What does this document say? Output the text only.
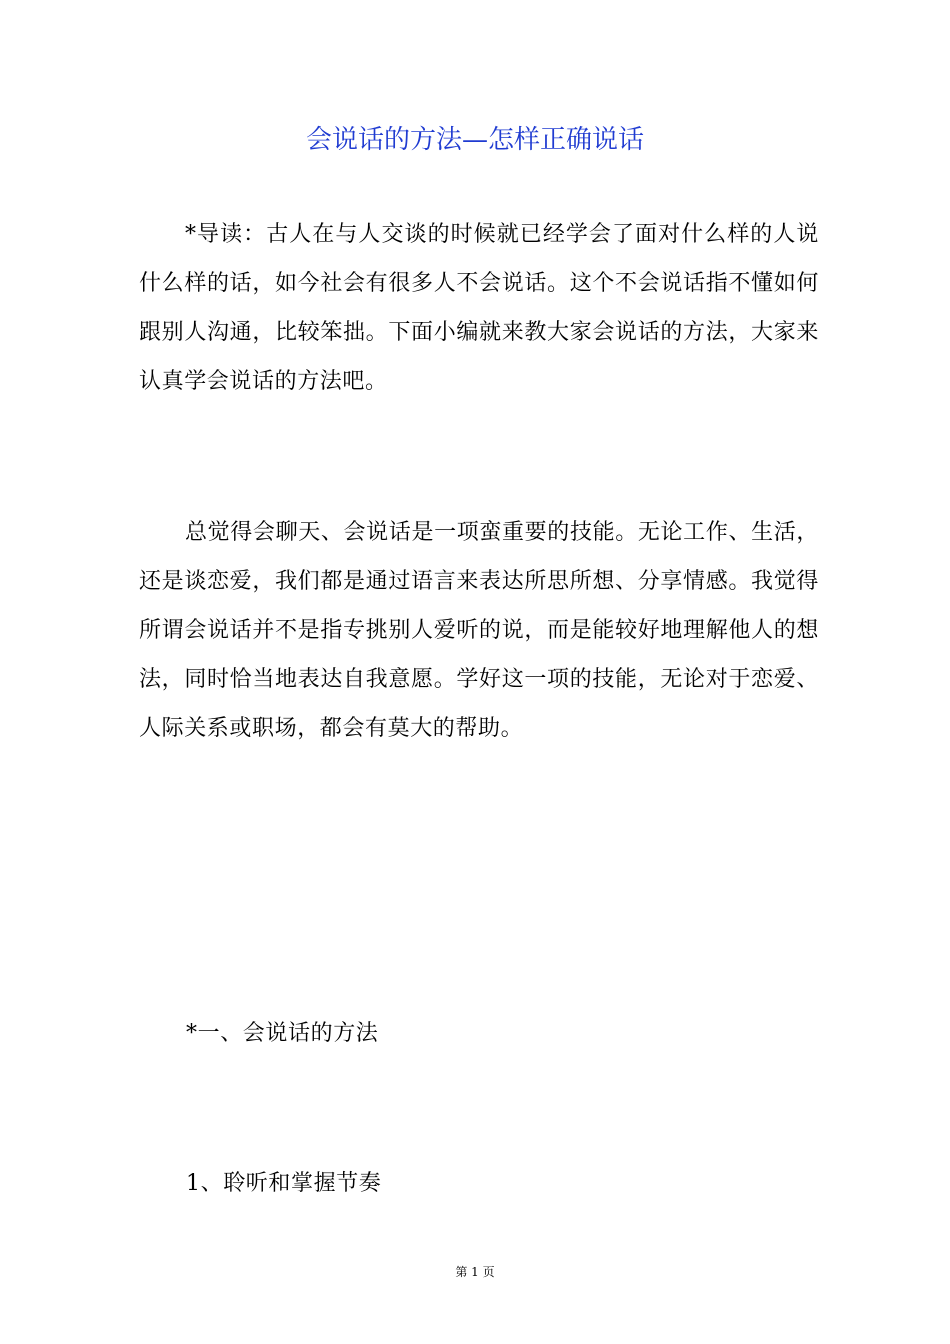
会说话的方法—怎样正确说话

*导读：古人在与人交谈的时候就已经学会了面对什么样的人说什么样的话，如今社会有很多人不会说话。这个不会说话指不懂如何跟别人沟通，比较笨拙。下面小编就来教大家会说话的方法，大家来认真学会说话的方法吧。

总觉得会聊天、会说话是一项蛮重要的技能。无论工作、生活，还是谈恋爱，我们都是通过语言来表达所思所想、分享情感。我觉得所谓会说话并不是指专挑别人爱听的说，而是能较好地理解他人的想法，同时恰当地表达自我意愿。学好这一项的技能，无论对于恋爱、人际关系或职场，都会有莫大的帮助。

*一、会说话的方法

1、聆听和掌握节奏

第 1 页
